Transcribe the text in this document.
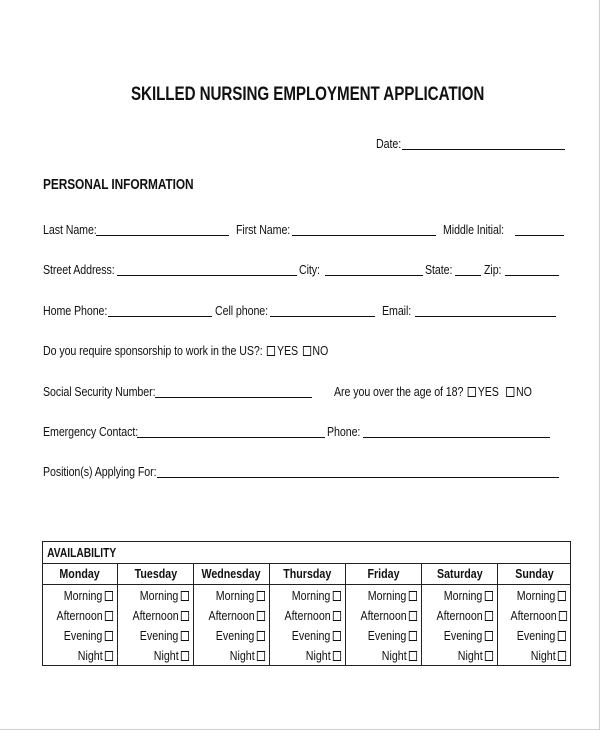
SKILLED NURSING EMPLOYMENT APPLICATION
Date:
PERSONAL INFORMATION
Last Name:	First Name:	Middle Initial:
Street Address:	City:	State: Zip:
Home Phone:	Cell phone:	Email:
Do you require sponsorship to work in the US?: YES NO
Social Security Number:	Are you over the age of 18? YES NO
Emergency Contact:	Phone:
Position(s) Applying For:
AVAILABILITY						
Monday	Tuesday	Wednesday	Thursday	Friday	Saturday	Sunday

Morning	Morning	Morning	Morning	Morning	Morning	Morning

Afternoon	Afternoon	Afternoon	Afternoon	Afternoon	Afternoon	Afternoon

Evening	Evening	Evening	Evening	Evening	Evening	Evening

Night	Night	Night	Night	Night	Night	Night
